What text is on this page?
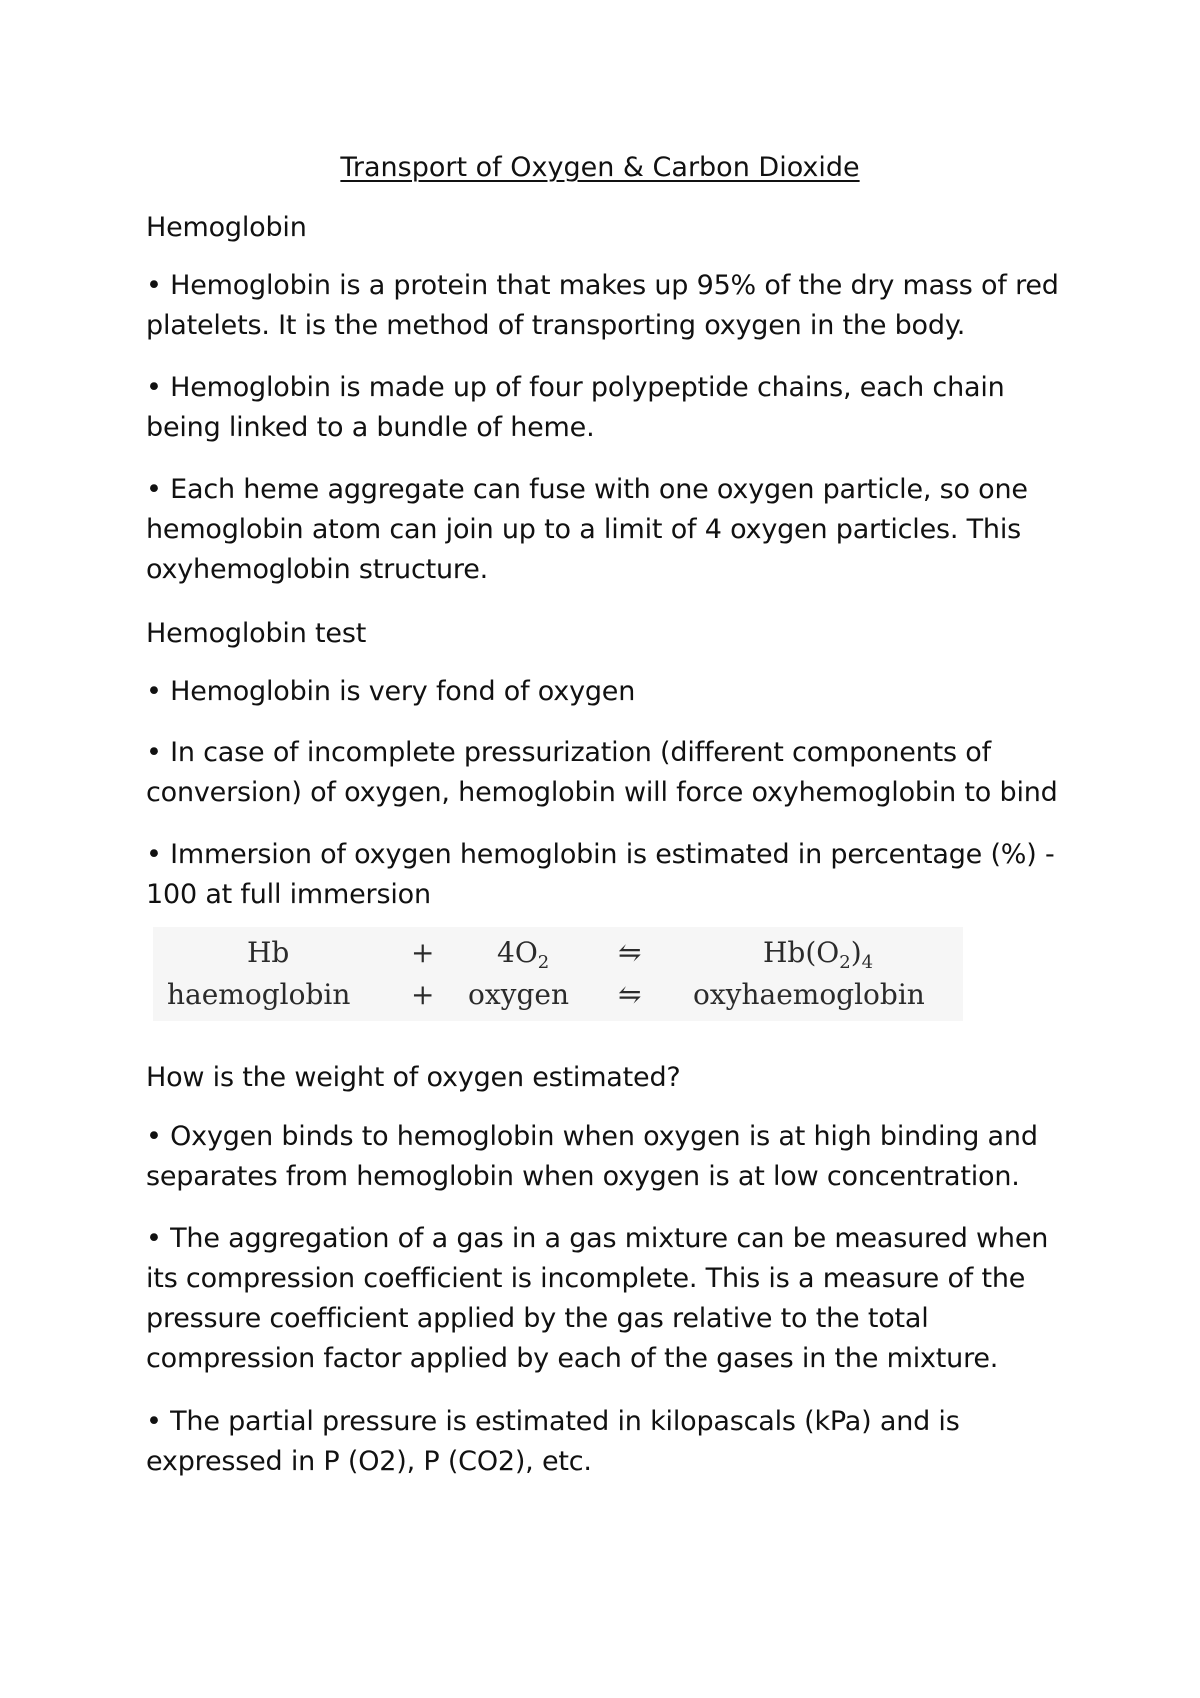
Transport of Oxygen & Carbon Dioxide
Hemoglobin
• Hemoglobin is a protein that makes up 95% of the dry mass of red
platelets. It is the method of transporting oxygen in the body.
• Hemoglobin is made up of four polypeptide chains, each chain
being linked to a bundle of heme.
• Each heme aggregate can fuse with one oxygen particle, so one
hemoglobin atom can join up to a limit of 4 oxygen particles. This
oxyhemoglobin structure.
Hemoglobin test
• Hemoglobin is very fond of oxygen
• In case of incomplete pressurization (different components of
conversion) of oxygen, hemoglobin will force oxyhemoglobin to bind
• Immersion of oxygen hemoglobin is estimated in percentage (%) -
100 at full immersion
Hb	+ $4O_2$ ⇋	$Hb(O_2)_4$
haemoglobin + oxygen ⇋ oxyhaemoglobin
How is the weight of oxygen estimated?
• Oxygen binds to hemoglobin when oxygen is at high binding and
separates from hemoglobin when oxygen is at low concentration.
• The aggregation of a gas in a gas mixture can be measured when
its compression coefficient is incomplete. This is a measure of the
pressure coefficient applied by the gas relative to the total
compression factor applied by each of the gases in the mixture.
• The partial pressure is estimated in kilopascals (kPa) and is
expressed in P (O2), P (CO2), etc.
